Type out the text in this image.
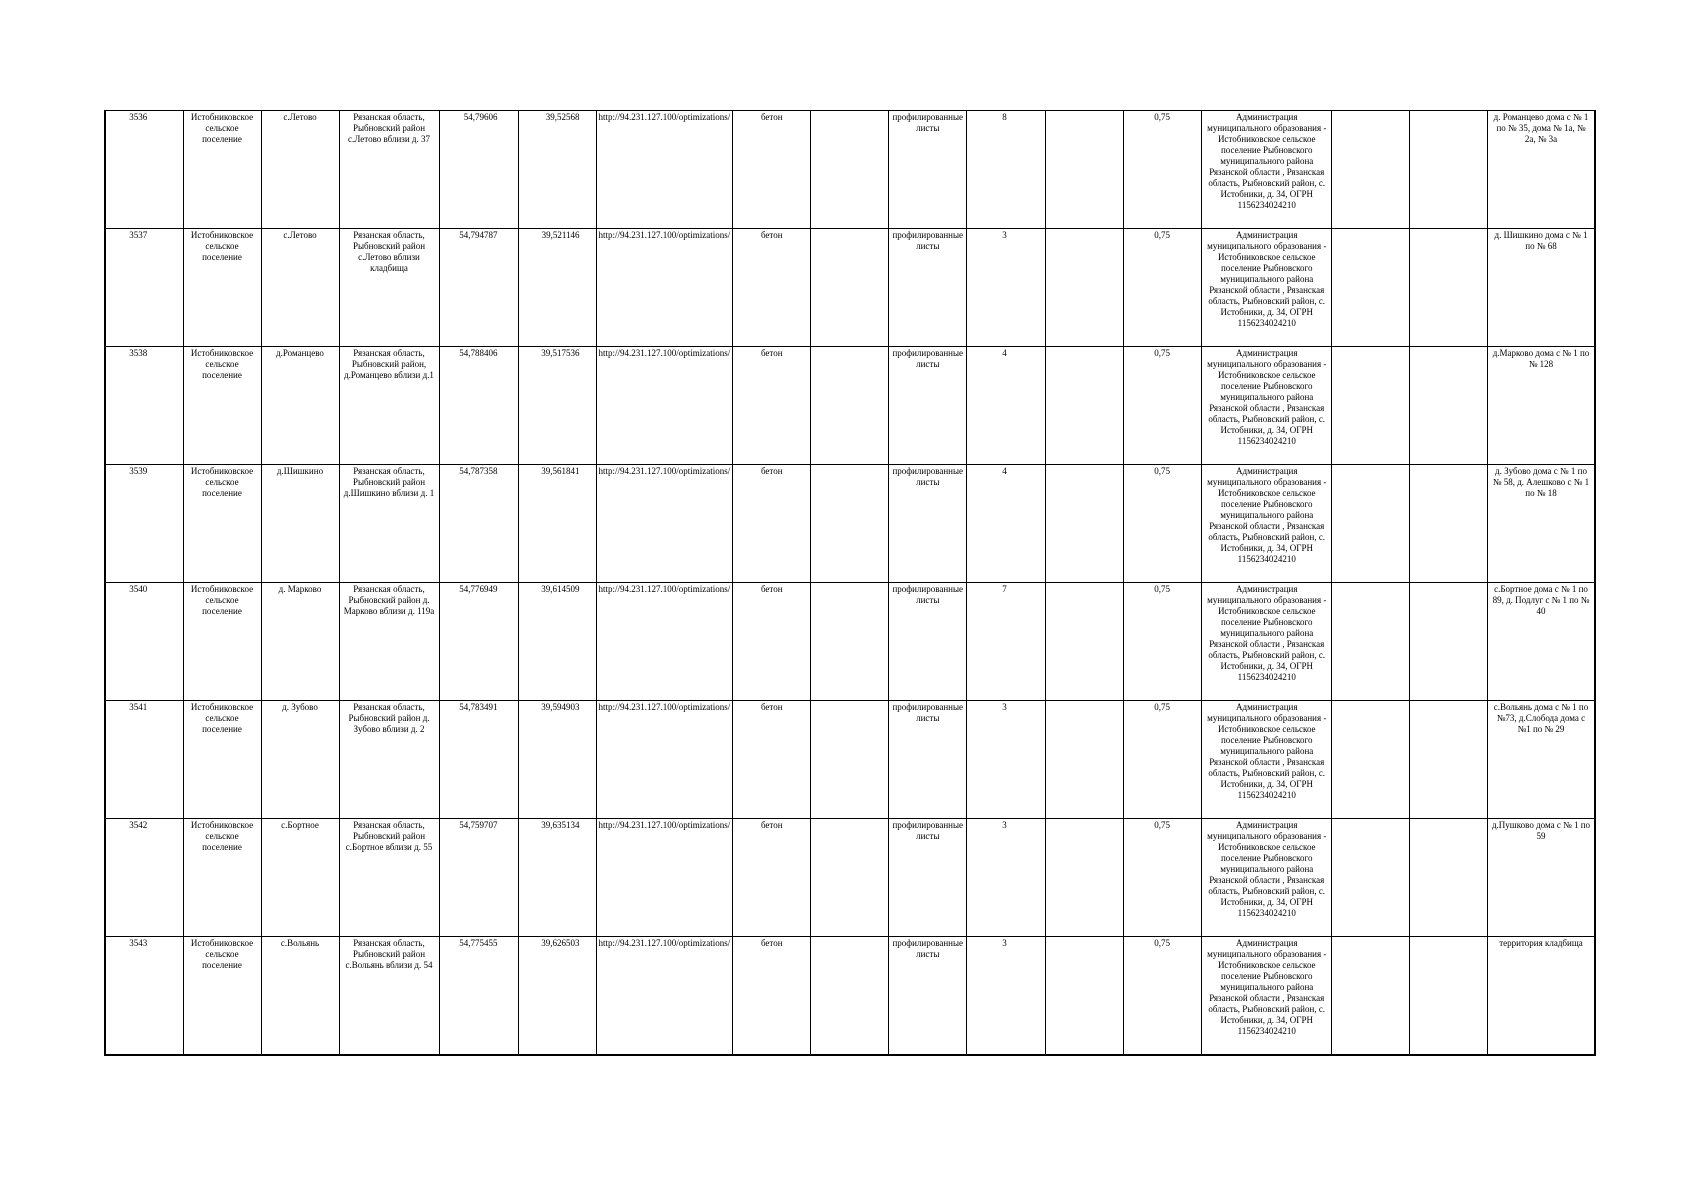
3536	Истобниковское сельское поселение	с.Летово	Рязанская область, Рыбновский район с.Летово вблизи д. 37	54,79606	39,52568	http://94.231.127.100/optimizations/	бетон		профилированные листы	8		0,75	Администрация муниципального образования - Истобниковское сельское поселение Рыбновского муниципального района Рязанской области , Рязанская область, Рыбновский район, с. Истобники, д. 34, ОГРН 1156234024210			д. Романцево дома с № 1 по № 35, дома № 1а, № 2а, № 3а
3537	Истобниковское сельское поселение	с.Летово	Рязанская область, Рыбновский район с.Летово вблизи кладбища	54,794787	39,521146	http://94.231.127.100/optimizations/	бетон		профилированные листы	3		0,75	Администрация муниципального образования - Истобниковское сельское поселение Рыбновского муниципального района Рязанской области , Рязанская область, Рыбновский район, с. Истобники, д. 34, ОГРН 1156234024210			д. Шишкино дома с № 1 по № 68
3538	Истобниковское сельское поселение	д.Романцево	Рязанская область, Рыбновский район, д.Романцево вблизи д.1	54,788406	39,517536	http://94.231.127.100/optimizations/	бетон		профилированные листы	4		0,75	Администрация муниципального образования - Истобниковское сельское поселение Рыбновского муниципального района Рязанской области , Рязанская область, Рыбновский район, с. Истобники, д. 34, ОГРН 1156234024210			д.Марково дома с № 1 по № 128
3539	Истобниковское сельское поселение	д.Шишкино	Рязанская область, Рыбновский район д.Шишкино вблизи д. 1	54,787358	39,561841	http://94.231.127.100/optimizations/	бетон		профилированные листы	4		0,75	Администрация муниципального образования - Истобниковское сельское поселение Рыбновского муниципального района Рязанской области , Рязанская область, Рыбновский район, с. Истобники, д. 34, ОГРН 1156234024210			д. Зубово дома с № 1 по № 58, д. Алешково с № 1 по № 18
3540	Истобниковское сельское поселение	д. Марково	Рязанская область, Рыбновский район д. Марково вблизи д. 119а	54,776949	39,614509	http://94.231.127.100/optimizations/	бетон		профилированные листы	7		0,75	Администрация муниципального образования - Истобниковское сельское поселение Рыбновского муниципального района Рязанской области , Рязанская область, Рыбновский район, с. Истобники, д. 34, ОГРН 1156234024210			с.Бортное дома с № 1 по 89, д. Подлуг с № 1 по № 40
3541	Истобниковское сельское поселение	д. Зубово	Рязанская область, Рыбновский район д. Зубово вблизи д. 2	54,783491	39,594903	http://94.231.127.100/optimizations/	бетон		профилированные листы	3		0,75	Администрация муниципального образования - Истобниковское сельское поселение Рыбновского муниципального района Рязанской области , Рязанская область, Рыбновский район, с. Истобники, д. 34, ОГРН 1156234024210			с.Вольянь дома с № 1 по №73, д.Слобода дома с №1 по № 29
3542	Истобниковское сельское поселение	с.Бортное	Рязанская область, Рыбновский район с.Бортное вблизи д. 55	54,759707	39,635134	http://94.231.127.100/optimizations/	бетон		профилированные листы	3		0,75	Администрация муниципального образования - Истобниковское сельское поселение Рыбновского муниципального района Рязанской области , Рязанская область, Рыбновский район, с. Истобники, д. 34, ОГРН 1156234024210			д.Пушково дома с № 1 по 59
3543	Истобниковское сельское поселение	с.Вольянь	Рязанская область, Рыбновский район с.Вольянь вблизи д. 54	54,775455	39,626503	http://94.231.127.100/optimizations/	бетон		профилированные листы	3		0,75	Администрация муниципального образования - Истобниковское сельское поселение Рыбновского муниципального района Рязанской области , Рязанская область, Рыбновский район, с. Истобники, д. 34, ОГРН 1156234024210			территория кладбища
